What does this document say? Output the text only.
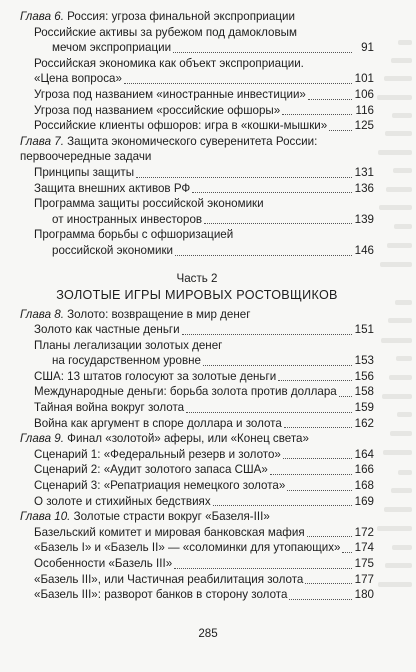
Глава 6. Россия: угроза финальной экспроприации

Российские активы за рубежом под дамокловым

мечом экспроприации	91

Российская экономика как объект экспроприации.

«Цена вопроса»	101

Угроза под названием «иностранные инвестиции»	106

Угроза под названием «российские офшоры»	116

Российские клиенты офшоров: игра в «кошки-мышки» 125

Глава 7. Защита экономического суверенитета России:

первоочередные задачи

Принципы защиты	131

Защита внешних активов РФ	136

Программа защиты российской экономики

от иностранных инвесторов	139

Программа борьбы с офшоризацией

российской экономики	146

Часть 2
ЗОЛОТЫЕ ИГРЫ МИРОВЫХ РОСТОВЩИКОВ

Глава 8. Золото: возвращение в мир денег

Золото как частные деньги	151

Планы легализации золотых денег

на государственном уровне	153

США: 13 штатов голосуют за золотые деньги	156

Международные деньги: борьба золота против доллара 158

Тайная война вокруг золота	159

Война как аргумент в споре доллара и золота	162

Глава 9. Финал «золотой» аферы, или «Конец света»

Сценарий 1: «Федеральный резерв и золото»	164

Сценарий 2: «Аудит золотого запаса США»	166

Сценарий 3: «Репатриация немецкого золота»	168

О золоте и стихийных бедствиях	169

Глава 10. Золотые страсти вокруг «Базеля-III»

Базельский комитет и мировая банковская мафия	172

«Базель I» и «Базель II» — «соломинки для утопающих» 174

Особенности «Базель III»	175

«Базель III», или Частичная реабилитация золота	177

«Базель III»: разворот банков в сторону золота	180

285
